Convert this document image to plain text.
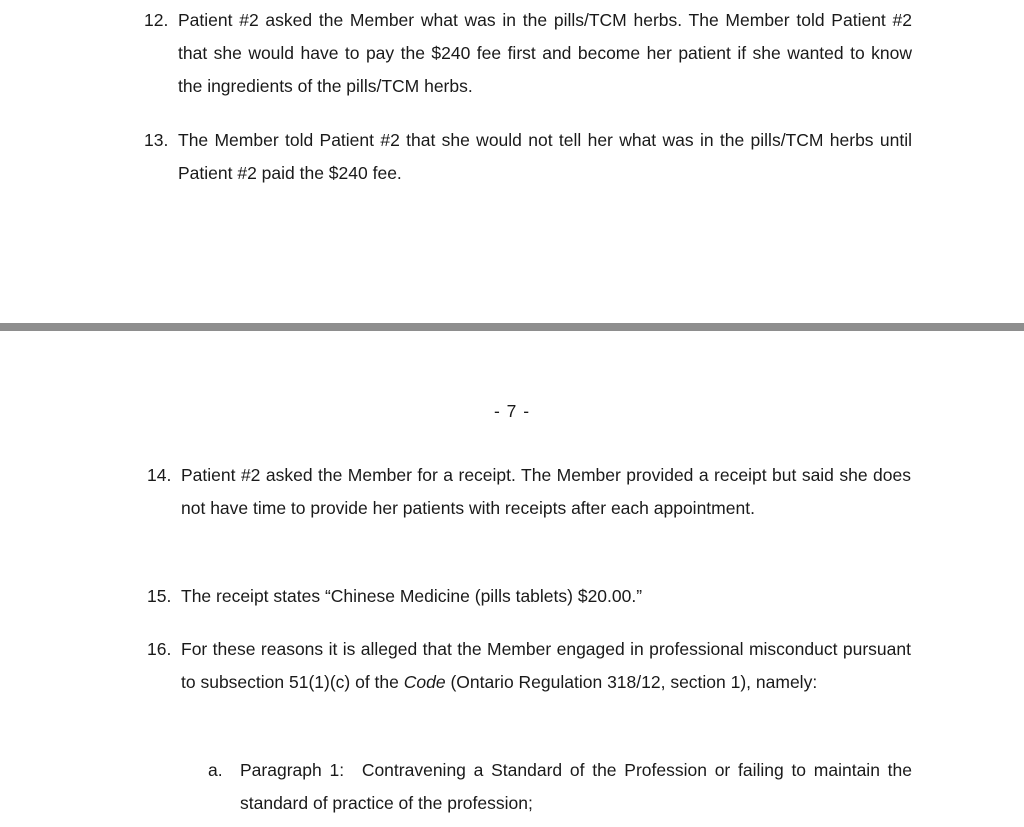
12. Patient #2 asked the Member what was in the pills/TCM herbs. The Member told Patient #2 that she would have to pay the $240 fee first and become her patient if she wanted to know the ingredients of the pills/TCM herbs.
13. The Member told Patient #2 that she would not tell her what was in the pills/TCM herbs until Patient #2 paid the $240 fee.
- 7 -
14. Patient #2 asked the Member for a receipt. The Member provided a receipt but said she does not have time to provide her patients with receipts after each appointment.
15. The receipt states “Chinese Medicine (pills tablets) $20.00.”
16. For these reasons it is alleged that the Member engaged in professional misconduct pursuant to subsection 51(1)(c) of the Code (Ontario Regulation 318/12, section 1), namely:
a. Paragraph 1: Contravening a Standard of the Profession or failing to maintain the standard of practice of the profession;
